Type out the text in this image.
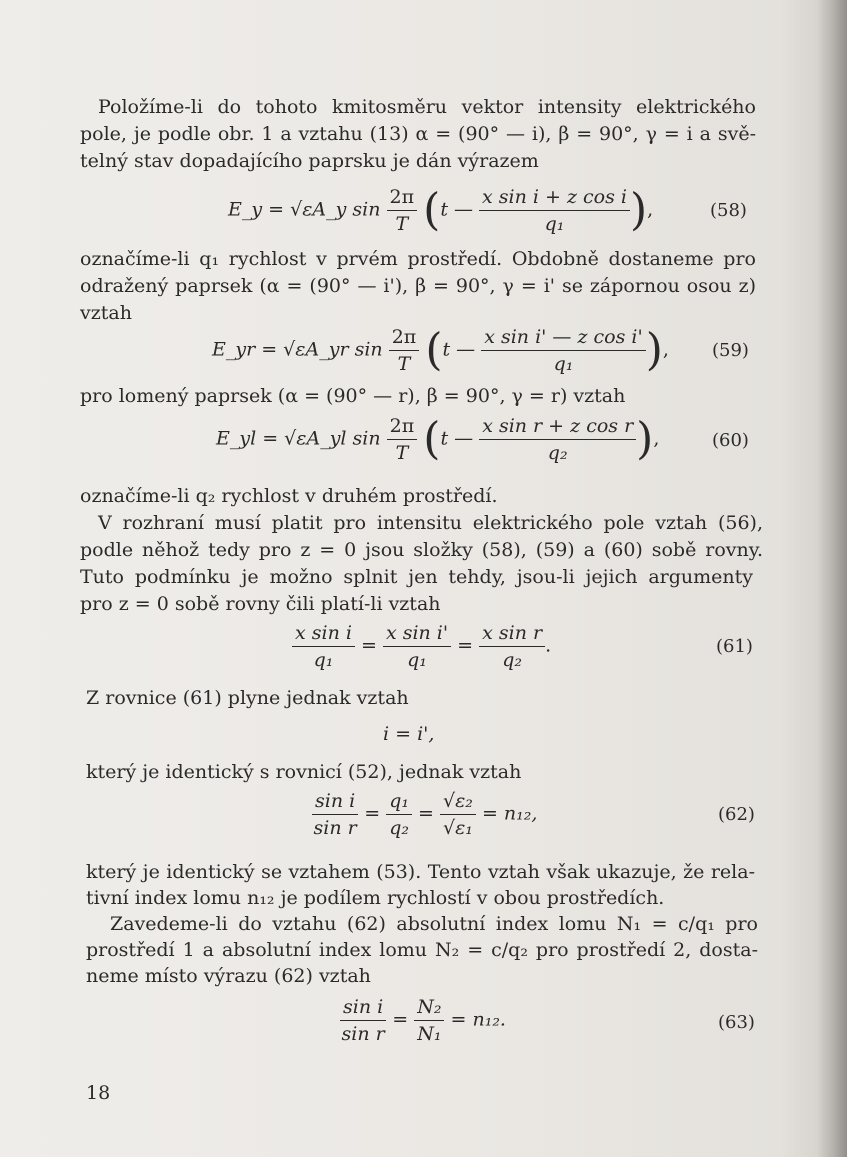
Položíme-li do tohoto kmitosměru vektor intensity elektrického
pole, je podle obr. 1 a vztahu (13) α = (90° — i), β = 90°, γ = i a svě-
telný stav dopadajícího paprsku je dán výrazem
E_y = √εA_y $\sin \frac{2\pi}{T} (t$ — $\frac{\text{x sin i + z cos i}}{\text{q₁}}$ ),	(58)
označíme-li q₁ rychlost v prvém prostředí. Obdobně dostaneme pro
odražený paprsek (α = (90° — i'), β = 90°, γ = i' se zápornou osou z)
vztah
E_yr = √εA_yr $\sin \frac{2\pi}{T} (t$ — $\frac{\text{x sin i' — z cos i'}}{\text{q₁}}$ ), (59)
pro lomený paprsek (α = (90° — r), β = 90°, γ = r) vztah
E_yl = √εA_yl $\sin \frac{2\pi}{T} (t$ — $\frac{\text{x sin r + z cos r}}{\text{q₂}}$ ),	(60)
označíme-li q₂ rychlost v druhém prostředí.
V rozhraní musí platit pro intensitu elektrického pole vztah (56),
podle něhož tedy pro z = 0 jsou složky (58), (59) a (60) sobě rovny.
Tuto podmínku je možno splnit jen tehdy, jsou-li jejich argumenty
pro z = 0 sobě rovny čili platí-li vztah
$\frac{\text{x sin i}}{\text{q₁}} = \frac{\text{x sin i'}}{\text{q₁}} = \frac{\text{x sin r}}{\text{q₂}}$ .	(61)
Z rovnice (61) plyne jednak vztah
i = i',
který je identický s rovnicí (52), jednak vztah
$\frac{\text{sin i}}{\text{sin r}} = \frac{\text{q₁}}{\text{q₂}} = \frac{\text{√ε₂}}{\text{√ε₁}} = n_{12}$,	(62)
který je identický se vztahem (53). Tento vztah však ukazuje, že rela-
tivní index lomu n₁₂ je podílem rychlostí v obou prostředích.
Zavedeme-li do vztahu (62) absolutní index lomu N₁ = c/q₁ pro
prostředí 1 a absolutní index lomu N₂ = c/q₂ pro prostředí 2, dosta-
neme místo výrazu (62) vztah
$\frac{\text{sin i}}{\text{sin r}} = \frac{\text{N₂}}{\text{N₁}} = n_{12}$.	(63)
18
